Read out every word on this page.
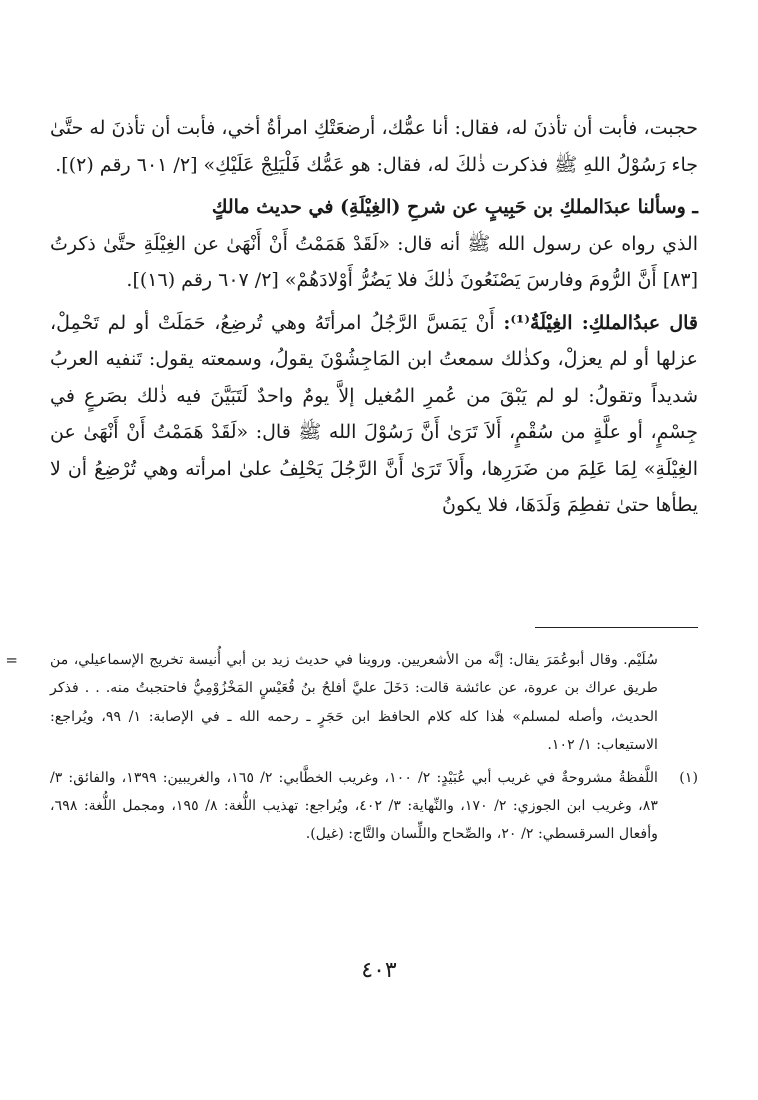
حجبت، فأبت أن تأذنَ له، فقال: أنا عمُّك، أرضعَتْكِ امرأةُ أخي، فأبت أن تأذنَ له حتَّىٰ جاء رَسُوْلُ اللهِ ﷺ فذكرت ذٰلكَ له، فقال: هو عَمُّك فَلْيَلِجْ عَلَيْكِ» [٢/ ٦٠١ رقم (٢)].

ـ وسألنا عبدَالملكِ بن حَبِيبٍ عن شرحِ (الغِيْلَةِ) في حديث مالكٍ

الذي رواه عن رسول الله ﷺ أنه قال: «لَقَدْ هَمَمْتُ أَنْ أَنْهَىٰ عن الغِيْلَةِ حتَّىٰ ذكرتُ [٨٣] أَنَّ الرُّومَ وفارسَ يَصْنَعُونَ ذٰلكَ فلا يَضُرُّ أَوْلادَهُمْ» [٢/ ٦٠٧ رقم (١٦)].

قال عبدُالملكِ: الغِيْلَةُ⁽¹⁾: أَنْ يَمَسَّ الرَّجُلُ امرأتَهُ وهي تُرضِعُ، حَمَلَتْ أو لم تَحْمِلْ، عزلها أو لم يعزلْ، وكذٰلك سمعتُ ابن المَاجِشُوْنَ يقولُ، وسمعته يقول: تَنفيه العربُ شديداً وتقولُ: لو لم يَبْقَ من عُمرِ المُغيل إلاَّ يومٌ واحدٌ لَتَبَيَّنَ فيه ذٰلك بصَرعٍ في جِسْمٍ، أو علَّةٍ من سُقْمٍ، أَلاَ تَرَىٰ أَنَّ رَسُوْلَ الله ﷺ قال: «لَقَدْ هَمَمْتُ أَنْ أَنْهَىٰ عن الغِيْلَةِ» لِمَا عَلِمَ من ضَرَرِها، وأَلاَ تَرَىٰ أَنَّ الرَّجُلَ يَحْلِفُ علىٰ امرأته وهي تُرْضِعُ أن لا يطأها حتىٰ تفطِمَ وَلَدَهَا، فلا يكونُ

= سُلَيْم. وقال أبوعُمَرَ يقال: إنَّه من الأشعريين. وروينا في حديث زيد بن أبي أُنيسة تخريج الإسماعيلي، من طريق عراك بن عروة، عن عائشة قالت: دَخَلَ عليَّ أفلحُ بنُ قُعَيْسٍ المَخْزُوْمِيُّ فاحتجبتُ منه. . . فذكر الحديث، وأصله لمسلم» هٰذا كله كلام الحافظ ابن حَجَرٍ ـ رحمه الله ـ في الإصابة: ١/ ٩٩، ويُراجع: الاستيعاب: ١/ ١٠٢.

(١)

اللَّفظةُ مشروحةٌ في غريب أبي عُبَيْدٍ: ٢/ ١٠٠، وغريب الخطَّابي: ٢/ ١٦٥، والغريبين: ١٣٩٩، والفائق: ٣/ ٨٣، وغريب ابن الجوزي: ٢/ ١٧٠، والنِّهاية: ٣/ ٤٠٢، ويُراجع: تهذيب اللُّغة: ٨/ ١٩٥، ومجمل اللُّغة: ٦٩٨، وأفعال السرقسطي: ٢/ ٢٠، والصِّحاح واللِّسان والتَّاج: (غيل).

٤٠٣
